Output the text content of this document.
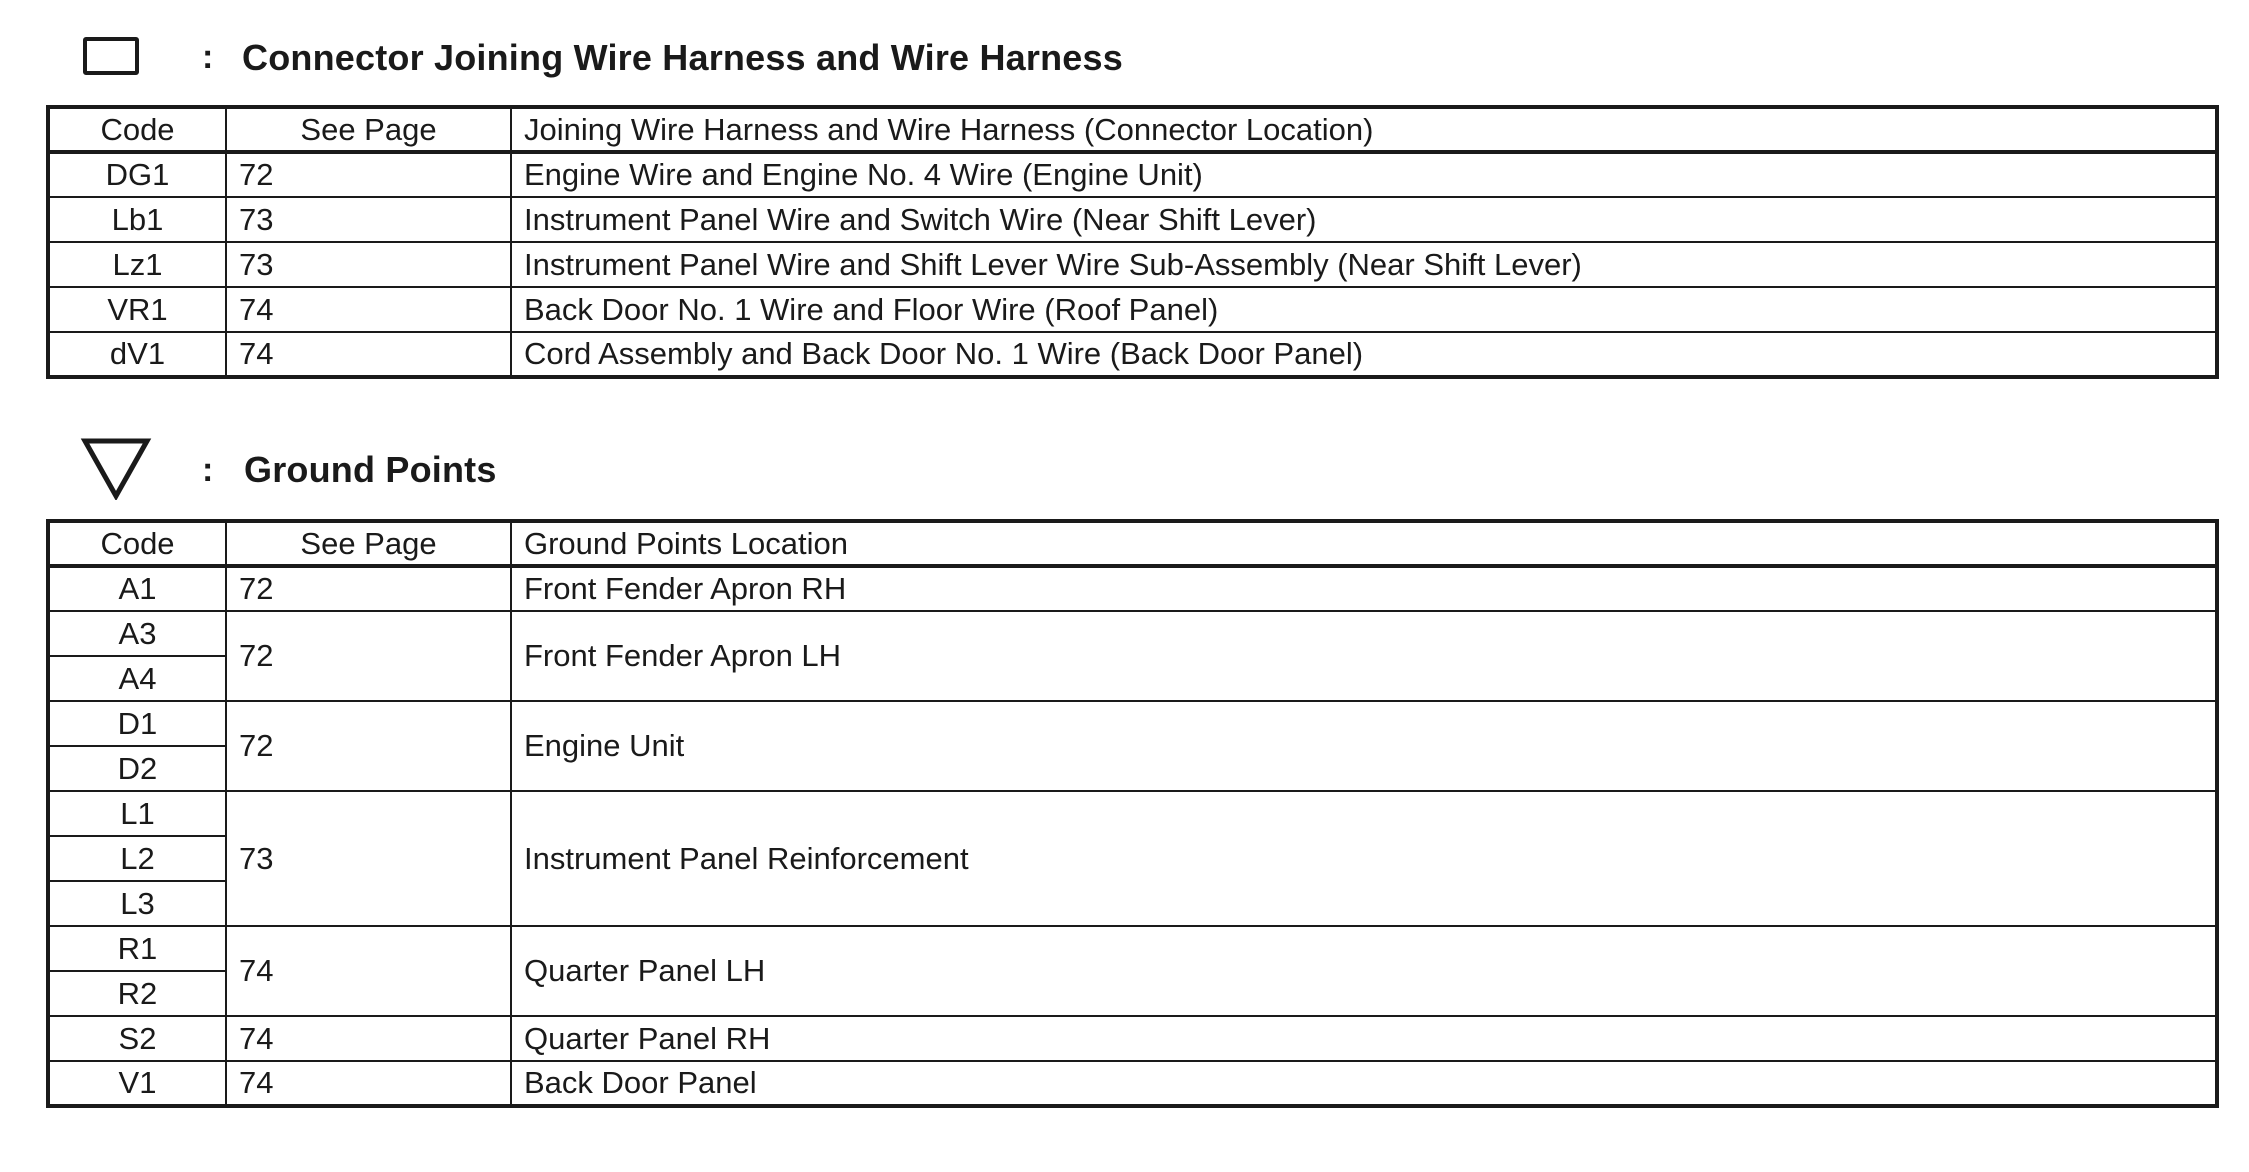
: Connector Joining Wire Harness and Wire Harness
Code	See Page	Joining Wire Harness and Wire Harness (Connector Location)
DG1	72	Engine Wire and Engine No. 4 Wire (Engine Unit)
Lb1	73	Instrument Panel Wire and Switch Wire (Near Shift Lever)
Lz1	73	Instrument Panel Wire and Shift Lever Wire Sub-Assembly (Near Shift Lever)
VR1	74	Back Door No. 1 Wire and Floor Wire (Roof Panel)
dV1	74	Cord Assembly and Back Door No. 1 Wire (Back Door Panel)
: Ground Points
Code	See Page	Ground Points Location
A1	72	Front Fender Apron RH
A3	72	Front Fender Apron LH
A4		
D1	72	Engine Unit
D2		
L1	73	Instrument Panel Reinforcement
L2		
L3		
R1	74	Quarter Panel LH
R2		
S2	74	Quarter Panel RH
V1	74	Back Door Panel
